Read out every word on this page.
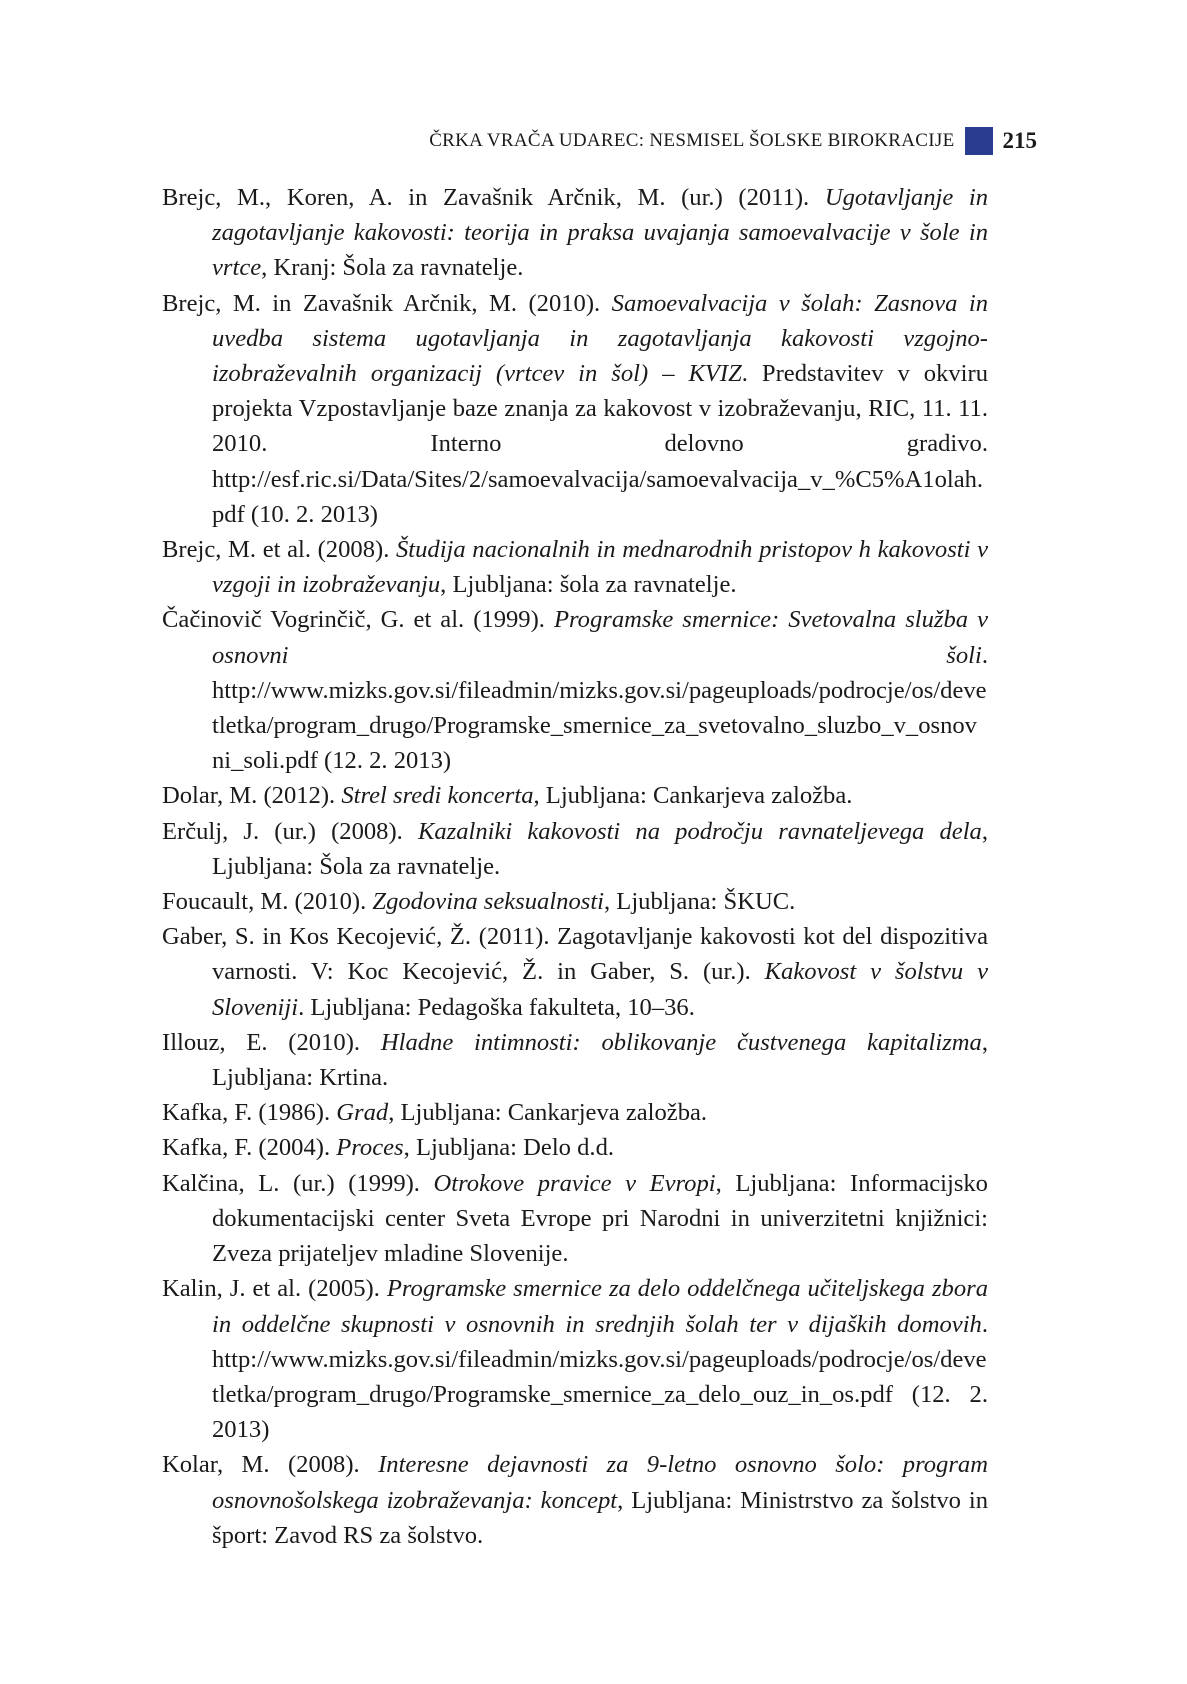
ČRKA VRAČA UDAREC: NESMISEL ŠOLSKE BIROKRACIJE 215
Brejc, M., Koren, A. in Zavašnik Arčnik, M. (ur.) (2011). Ugotavljanje in zagotavljanje kakovosti: teorija in praksa uvajanja samoevalvacije v šole in vrtce, Kranj: Šola za ravnatelje.
Brejc, M. in Zavašnik Arčnik, M. (2010). Samoevalvacija v šolah: Zasnova in uvedba sistema ugotavljanja in zagotavljanja kakovosti vzgojno-izobraževalnih organizacij (vrtcev in šol) – KVIZ. Predstavitev v okviru projekta Vzpostavljanje baze znanja za kakovost v izobraževanju, RIC, 11. 11. 2010. Interno delovno gradivo. http://esf.ric.si/Data/Sites/2/samoevalvacija/samoevalvacija_v_%C5%A1olah.pdf (10. 2. 2013)
Brejc, M. et al. (2008). Študija nacionalnih in mednarodnih pristopov h kakovosti v vzgoji in izobraževanju, Ljubljana: šola za ravnatelje.
Čačinovič Vogrinčič, G. et al. (1999). Programske smernice: Svetovalna služba v osnovni šoli. http://www.mizks.gov.si/fileadmin/mizks.gov.si/pageuploads/podrocje/os/devetletka/program_drugo/Programske_smernice_za_svetovalno_sluzbo_v_osnovni_soli.pdf (12. 2. 2013)
Dolar, M. (2012). Strel sredi koncerta, Ljubljana: Cankarjeva založba.
Erčulj, J. (ur.) (2008). Kazalniki kakovosti na področju ravnateljevega dela, Ljubljana: Šola za ravnatelje.
Foucault, M. (2010). Zgodovina seksualnosti, Ljubljana: ŠKUC.
Gaber, S. in Kos Kecojević, Ž. (2011). Zagotavljanje kakovosti kot del dispozitiva varnosti. V: Koc Kecojević, Ž. in Gaber, S. (ur.). Kakovost v šolstvu v Sloveniji. Ljubljana: Pedagoška fakulteta, 10–36.
Illouz, E. (2010). Hladne intimnosti: oblikovanje čustvenega kapitalizma, Ljubljana: Krtina.
Kafka, F. (1986). Grad, Ljubljana: Cankarjeva založba.
Kafka, F. (2004). Proces, Ljubljana: Delo d.d.
Kalčina, L. (ur.) (1999). Otrokove pravice v Evropi, Ljubljana: Informacijsko dokumentacijski center Sveta Evrope pri Narodni in univerzitetni knjižnici: Zveza prijateljev mladine Slovenije.
Kalin, J. et al. (2005). Programske smernice za delo oddelčnega učiteljskega zbora in oddelčne skupnosti v osnovnih in srednjih šolah ter v dijaških domovih. http://www.mizks.gov.si/fileadmin/mizks.gov.si/pageuploads/podrocje/os/devetletka/program_drugo/Programske_smernice_za_delo_ouz_in_os.pdf (12. 2. 2013)
Kolar, M. (2008). Interesne dejavnosti za 9-letno osnovno šolo: program osnovnošolskega izobraževanja: koncept, Ljubljana: Ministrstvo za šolstvo in šport: Zavod RS za šolstvo.
